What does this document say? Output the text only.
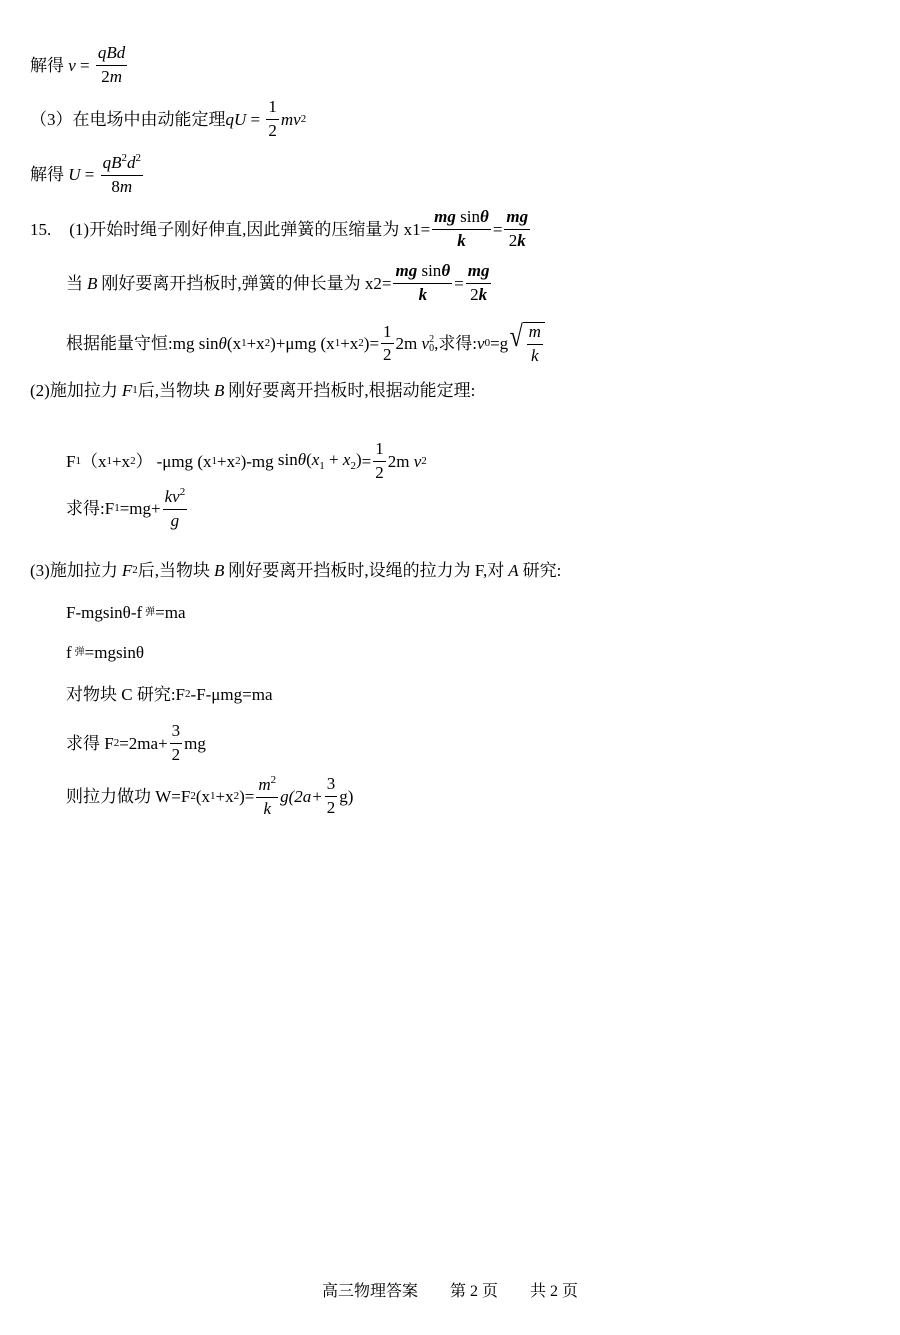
解得 $v = \frac{\text{qBd}}{2m}$
（3）在电场中由动能定理 qU = $\frac{1}{2}$ mv 2
解得 $U = \frac{qB^2d^2}{8m}$
15. (1)开始时绳子刚好伸直,因此弹簧的压缩量为 $x1= \frac{\text{mg sinθ}}{k} = \frac{mg}{2k}$
当 B 刚好要离开挡板时,弹簧的伸长量为 $x2= \frac{\text{mg sinθ}}{k} = \frac{mg}{2k}$
根据能量守恒:mg sinθ (x 1 +x 2 )+ μmg
(x 1 +x 2 )= $\frac{1}{2} 2m$
v 2
0 ,求得: v 0 =g √ $\frac{m}{k}$
(2)施加拉力 F 1 后,当物块 B 刚好要离开挡板时,根据动能定理:
F 1 （x 1 +x 2 ） -μmg
(x 1 +x 2 )-mg $\sin\theta(x_1 + x_2) = \frac{1}{2} 2m$
v 2
求得:F $1 =mg+ \frac{kv^2}{g}$
(3)施加拉力 F 2 后,当物块 B 刚好要离开挡板时,设绳的拉力为 F,对 A 研究:
F-mgsinθ-f 弹 =ma
f 弹 =mgsinθ
对物块 C 研究:F 2 -F-μmg=ma
求得 F $2 =2ma+ \frac{3}{2}$ mg
则拉力做功 W=F 2 (x 1 +x 2 )= $\frac{m^2}{k} g(2a+ \frac{3}{2} g)$
高三物理答案 第 2 页 共 2 页
